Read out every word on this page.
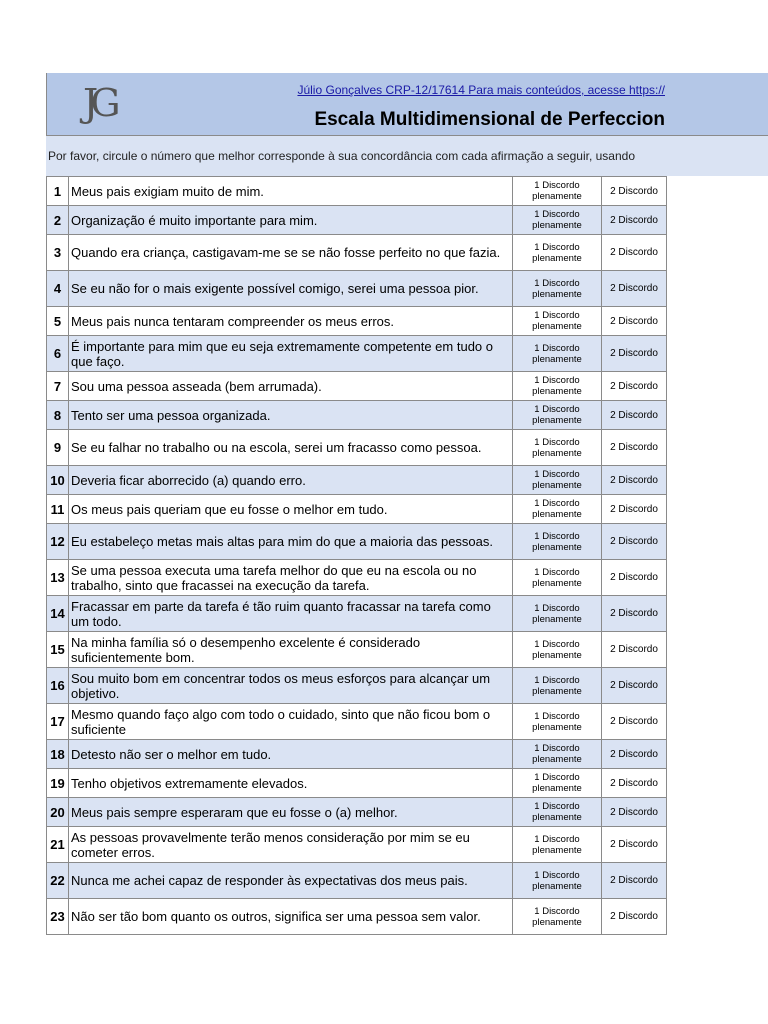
JG	Júlio Gonçalves CRP-12/17614 Para mais conteúdos, acesse https://
Escala Multidimensional de Perfeccion
Por favor, circule o número que melhor corresponde à sua concordância com cada afirmação a seguir, usando
1	Meus pais exigiam muito de mim.	1 Discordo plenamente	2 Discordo
2	Organização é muito importante para mim.	1 Discordo plenamente	2 Discordo
3	Quando era criança, castigavam-me se se não fosse perfeito no que fazia.	1 Discordo plenamente	2 Discordo
4	Se eu não for o mais exigente possível comigo, serei uma pessoa pior.	1 Discordo plenamente	2 Discordo
5	Meus pais nunca tentaram compreender os meus erros.	1 Discordo plenamente	2 Discordo
6	É importante para mim que eu seja extremamente competente em tudo o que faço.	1 Discordo plenamente	2 Discordo
7	Sou uma pessoa asseada (bem arrumada).	1 Discordo plenamente	2 Discordo
8	Tento ser uma pessoa organizada.	1 Discordo plenamente	2 Discordo
9	Se eu falhar no trabalho ou na escola, serei um fracasso como pessoa.	1 Discordo plenamente	2 Discordo
10	Deveria ficar aborrecido (a) quando erro.	1 Discordo plenamente	2 Discordo
11	Os meus pais queriam que eu fosse o melhor em tudo.	1 Discordo plenamente	2 Discordo
12	Eu estabeleço metas mais altas para mim do que a maioria das pessoas.	1 Discordo plenamente	2 Discordo
13	Se uma pessoa executa uma tarefa melhor do que eu na escola ou no trabalho, sinto que fracassei na execução da tarefa.	1 Discordo plenamente	2 Discordo
14	Fracassar em parte da tarefa é tão ruim quanto fracassar na tarefa como um todo.	1 Discordo plenamente	2 Discordo
15	Na minha família só o desempenho excelente é considerado suficientemente bom.	1 Discordo plenamente	2 Discordo
16	Sou muito bom em concentrar todos os meus esforços para alcançar um objetivo.	1 Discordo plenamente	2 Discordo
17	Mesmo quando faço algo com todo o cuidado, sinto que não ficou bom o suficiente	1 Discordo plenamente	2 Discordo
18	Detesto não ser o melhor em tudo.	1 Discordo plenamente	2 Discordo
19	Tenho objetivos extremamente elevados.	1 Discordo plenamente	2 Discordo
20	Meus pais sempre esperaram que eu fosse o (a) melhor.	1 Discordo plenamente	2 Discordo
21	As pessoas provavelmente terão menos consideração por mim se eu cometer erros.	1 Discordo plenamente	2 Discordo
22	Nunca me achei capaz de responder às expectativas dos meus pais.	1 Discordo plenamente	2 Discordo
23	Não ser tão bom quanto os outros, significa ser uma pessoa sem valor.	1 Discordo plenamente	2 Discordo
